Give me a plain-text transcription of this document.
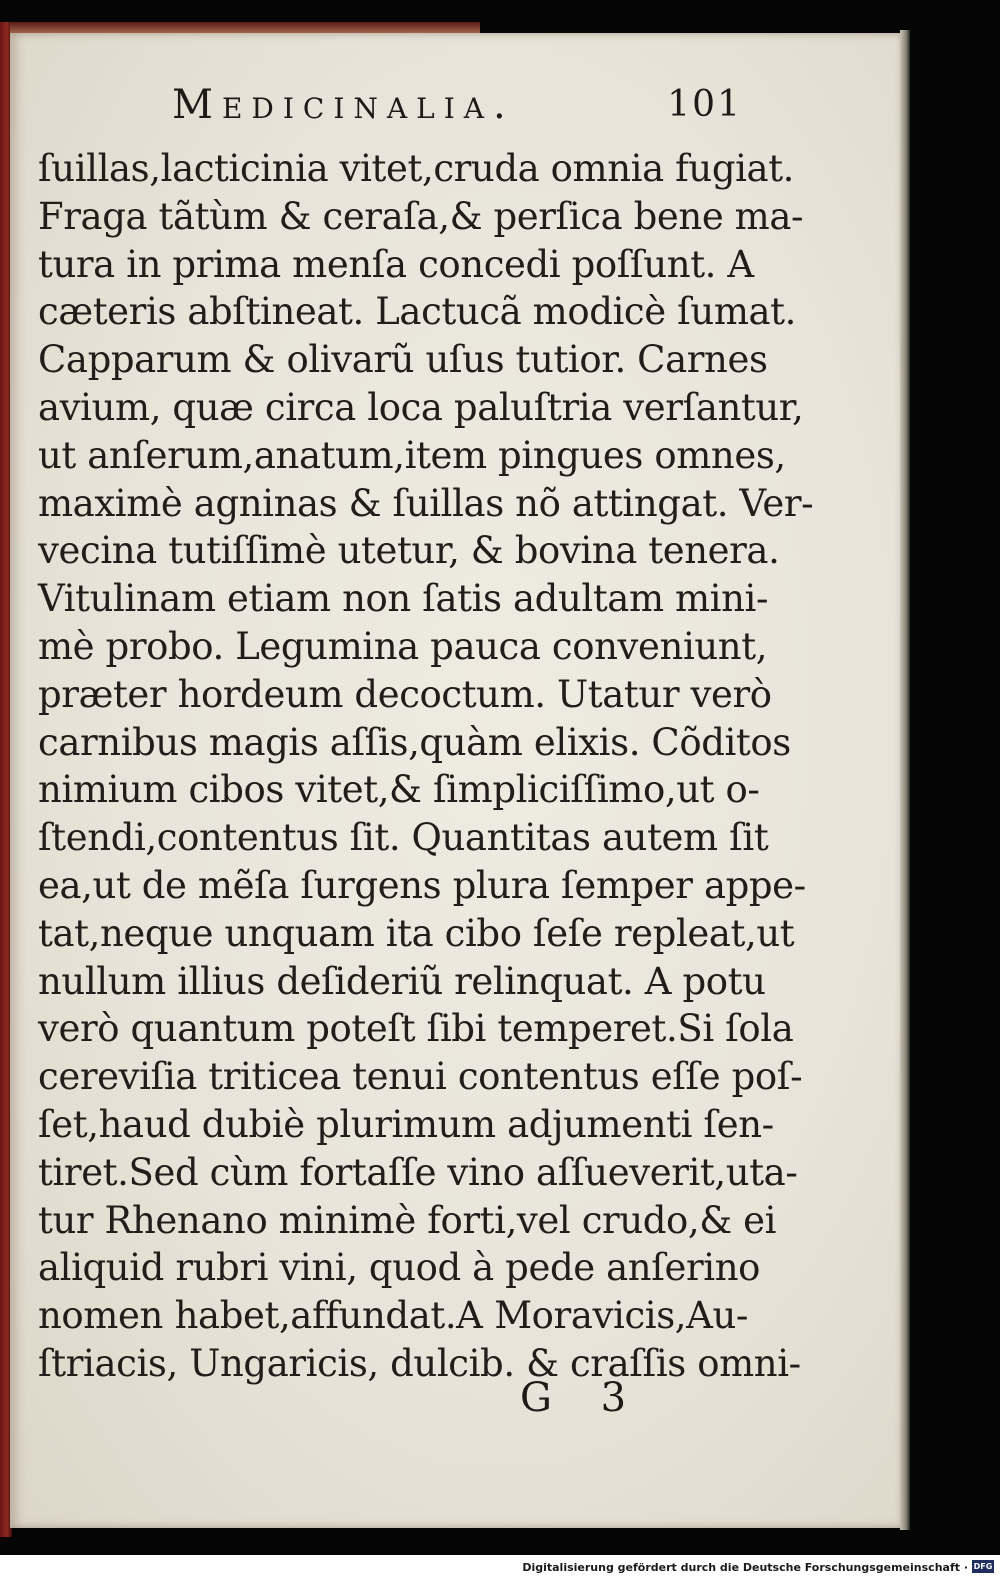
Medicinalia.	101
ſuillas,lacticinia vitet,cruda omnia fugiat.
Fraga tãtùm & ceraſa,& perſica bene ma-
tura in prima menſa concedi poſſunt. A
cæteris abſtineat. Lactucã modicè ſumat.
Capparum & olivarũ uſus tutior. Carnes
avium, quæ circa loca paluſtria verſantur,
ut anſerum,anatum,item pingues omnes,
maximè agninas & ſuillas nõ attingat. Ver-
vecina tutiſſimè utetur, & bovina tenera.
Vitulinam etiam non ſatis adultam mini-
mè probo. Legumina pauca conveniunt,
præter hordeum decoctum. Utatur verò
carnibus magis aſſis,quàm elixis. Cõditos
nimium cibos vitet,& ſimpliciſſimo,ut o-
ſtendi,contentus ſit. Quantitas autem ſit
ea,ut de mẽſa ſurgens plura ſemper appe-
tat,neque unquam ita cibo ſeſe repleat,ut
nullum illius deſideriũ relinquat. A potu
verò quantum poteſt ſibi temperet.Si ſola
cereviſia triticea tenui contentus eſſe poſ-
ſet,haud dubiè plurimum adjumenti ſen-
tiret.Sed cùm fortaſſe vino aſſueverit,uta-
tur Rhenano minimè forti,vel crudo,& ei
aliquid rubri vini, quod à pede anſerino
nomen habet,affundat.A Moravicis,Au-
ſtriacis, Ungaricis, dulcib. & craſſis omni-
G 3
Digitalisierung gefördert durch die Deutsche Forschungsgemeinschaft · DFG
